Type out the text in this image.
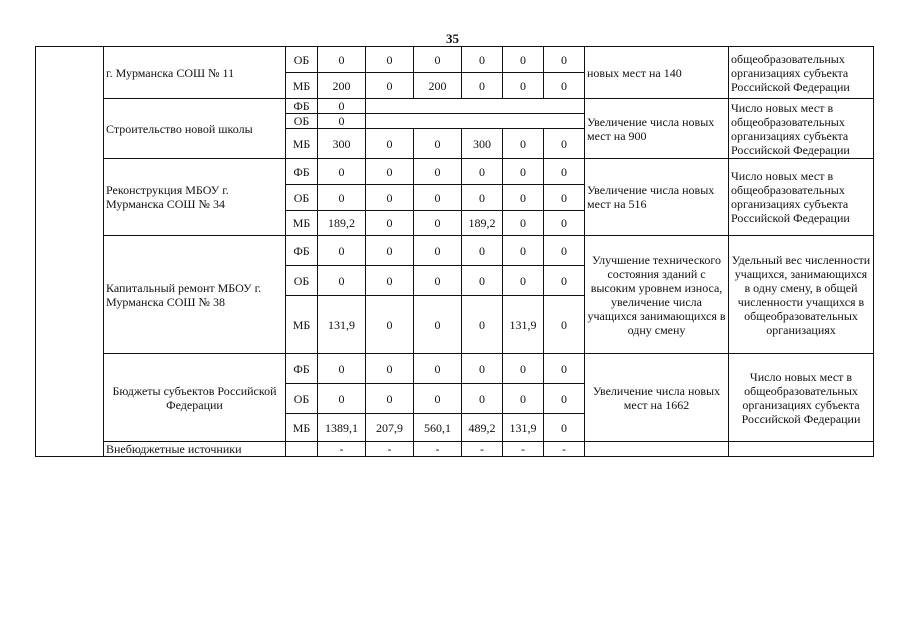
35
	г. Мурманска СОШ № 11	ОБ	0	0	0	0	0	0	новых мест на 140	общеобразовательных организациях субъекта Российской Федерации
		МБ	200	0	200	0	0	0		
	Строительство новой школы	ФБ	0						Увеличение числа новых мест на 900	Число новых мест в общеобразовательных организациях субъекта Российской Федерации
		ОБ	0							
		МБ	300	0	0	300	0	0		
	Реконструкция МБОУ г. Мурманска СОШ № 34	ФБ	0	0	0	0	0	0	Увеличение числа новых мест на 516	Число новых мест в общеобразовательных организациях субъекта Российской Федерации
		ОБ	0	0	0	0	0	0		
		МБ	189,2	0	0	189,2	0	0		
	Капитальный ремонт МБОУ г. Мурманска СОШ № 38	ФБ	0	0	0	0	0	0	Улучшение технического состояния зданий с высоким уровнем износа, увеличение числа учащихся занимающихся в одну смену	Удельный вес численности учащихся, занимающихся в одну смену, в общей численности учащихся в общеобразовательных организациях
		ОБ	0	0	0	0	0	0		
		МБ	131,9	0	0	0	131,9	0		
	Бюджеты субъектов Российской Федерации	ФБ	0	0	0	0	0	0	Увеличение числа новых мест на 1662	Число новых мест в общеобразовательных организациях субъекта Российской Федерации
		ОБ	0	0	0	0	0	0		
		МБ	1389,1	207,9	560,1	489,2	131,9	0		
	Внебюджетные источники		-	-	-	-	-	-		
